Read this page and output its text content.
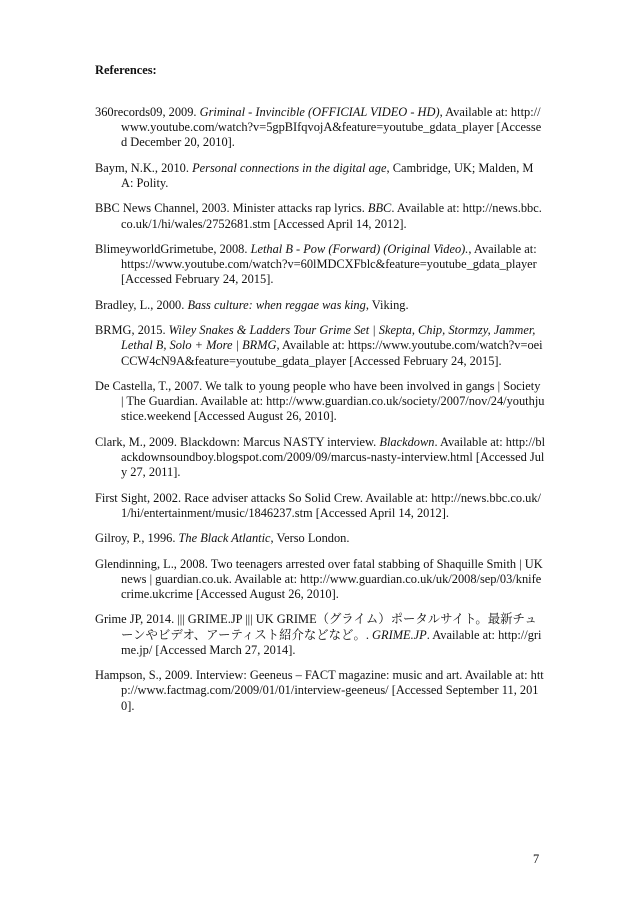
References:

360records09, 2009. Griminal - Invincible (OFFICIAL VIDEO - HD), Available at: http://www.youtube.com/watch?v=5gpBIfqvojA&feature=youtube_gdata_player [Accessed December 20, 2010].
Baym, N.K., 2010. Personal connections in the digital age, Cambridge, UK; Malden, MA: Polity.
BBC News Channel, 2003. Minister attacks rap lyrics. BBC. Available at: http://news.bbc.co.uk/1/hi/wales/2752681.stm [Accessed April 14, 2012].
BlimeyworldGrimetube, 2008. Lethal B - Pow (Forward) (Original Video)., Available at: https://www.youtube.com/watch?v=60lMDCXFblc&feature=youtube_gdata_player [Accessed February 24, 2015].
Bradley, L., 2000. Bass culture: when reggae was king, Viking.
BRMG, 2015. Wiley Snakes & Ladders Tour Grime Set | Skepta, Chip, Stormzy, Jammer, Lethal B, Solo + More | BRMG, Available at: https://www.youtube.com/watch?v=oeiCCW4cN9A&feature=youtube_gdata_player [Accessed February 24, 2015].
De Castella, T., 2007. We talk to young people who have been involved in gangs | Society | The Guardian. Available at: http://www.guardian.co.uk/society/2007/nov/24/youthjustice.weekend [Accessed August 26, 2010].
Clark, M., 2009. Blackdown: Marcus NASTY interview. Blackdown. Available at: http://blackdownsoundboy.blogspot.com/2009/09/marcus-nasty-interview.html [Accessed July 27, 2011].
First Sight, 2002. Race adviser attacks So Solid Crew. Available at: http://news.bbc.co.uk/1/hi/entertainment/music/1846237.stm [Accessed April 14, 2012].
Gilroy, P., 1996. The Black Atlantic, Verso London.
Glendinning, L., 2008. Two teenagers arrested over fatal stabbing of Shaquille Smith | UK news | guardian.co.uk. Available at: http://www.guardian.co.uk/uk/2008/sep/03/knifecrime.ukcrime [Accessed August 26, 2010].
Grime JP, 2014. ||| GRIME.JP ||| UK GRIME（グライム）ポータルサイト。最新チューンやビデオ、アーティスト紹介などなど。. GRIME.JP. Available at: http://grime.jp/ [Accessed March 27, 2014].
Hampson, S., 2009. Interview: Geeneus – FACT magazine: music and art. Available at: http://www.factmag.com/2009/01/01/interview-geeneus/ [Accessed September 11, 2010].
7
